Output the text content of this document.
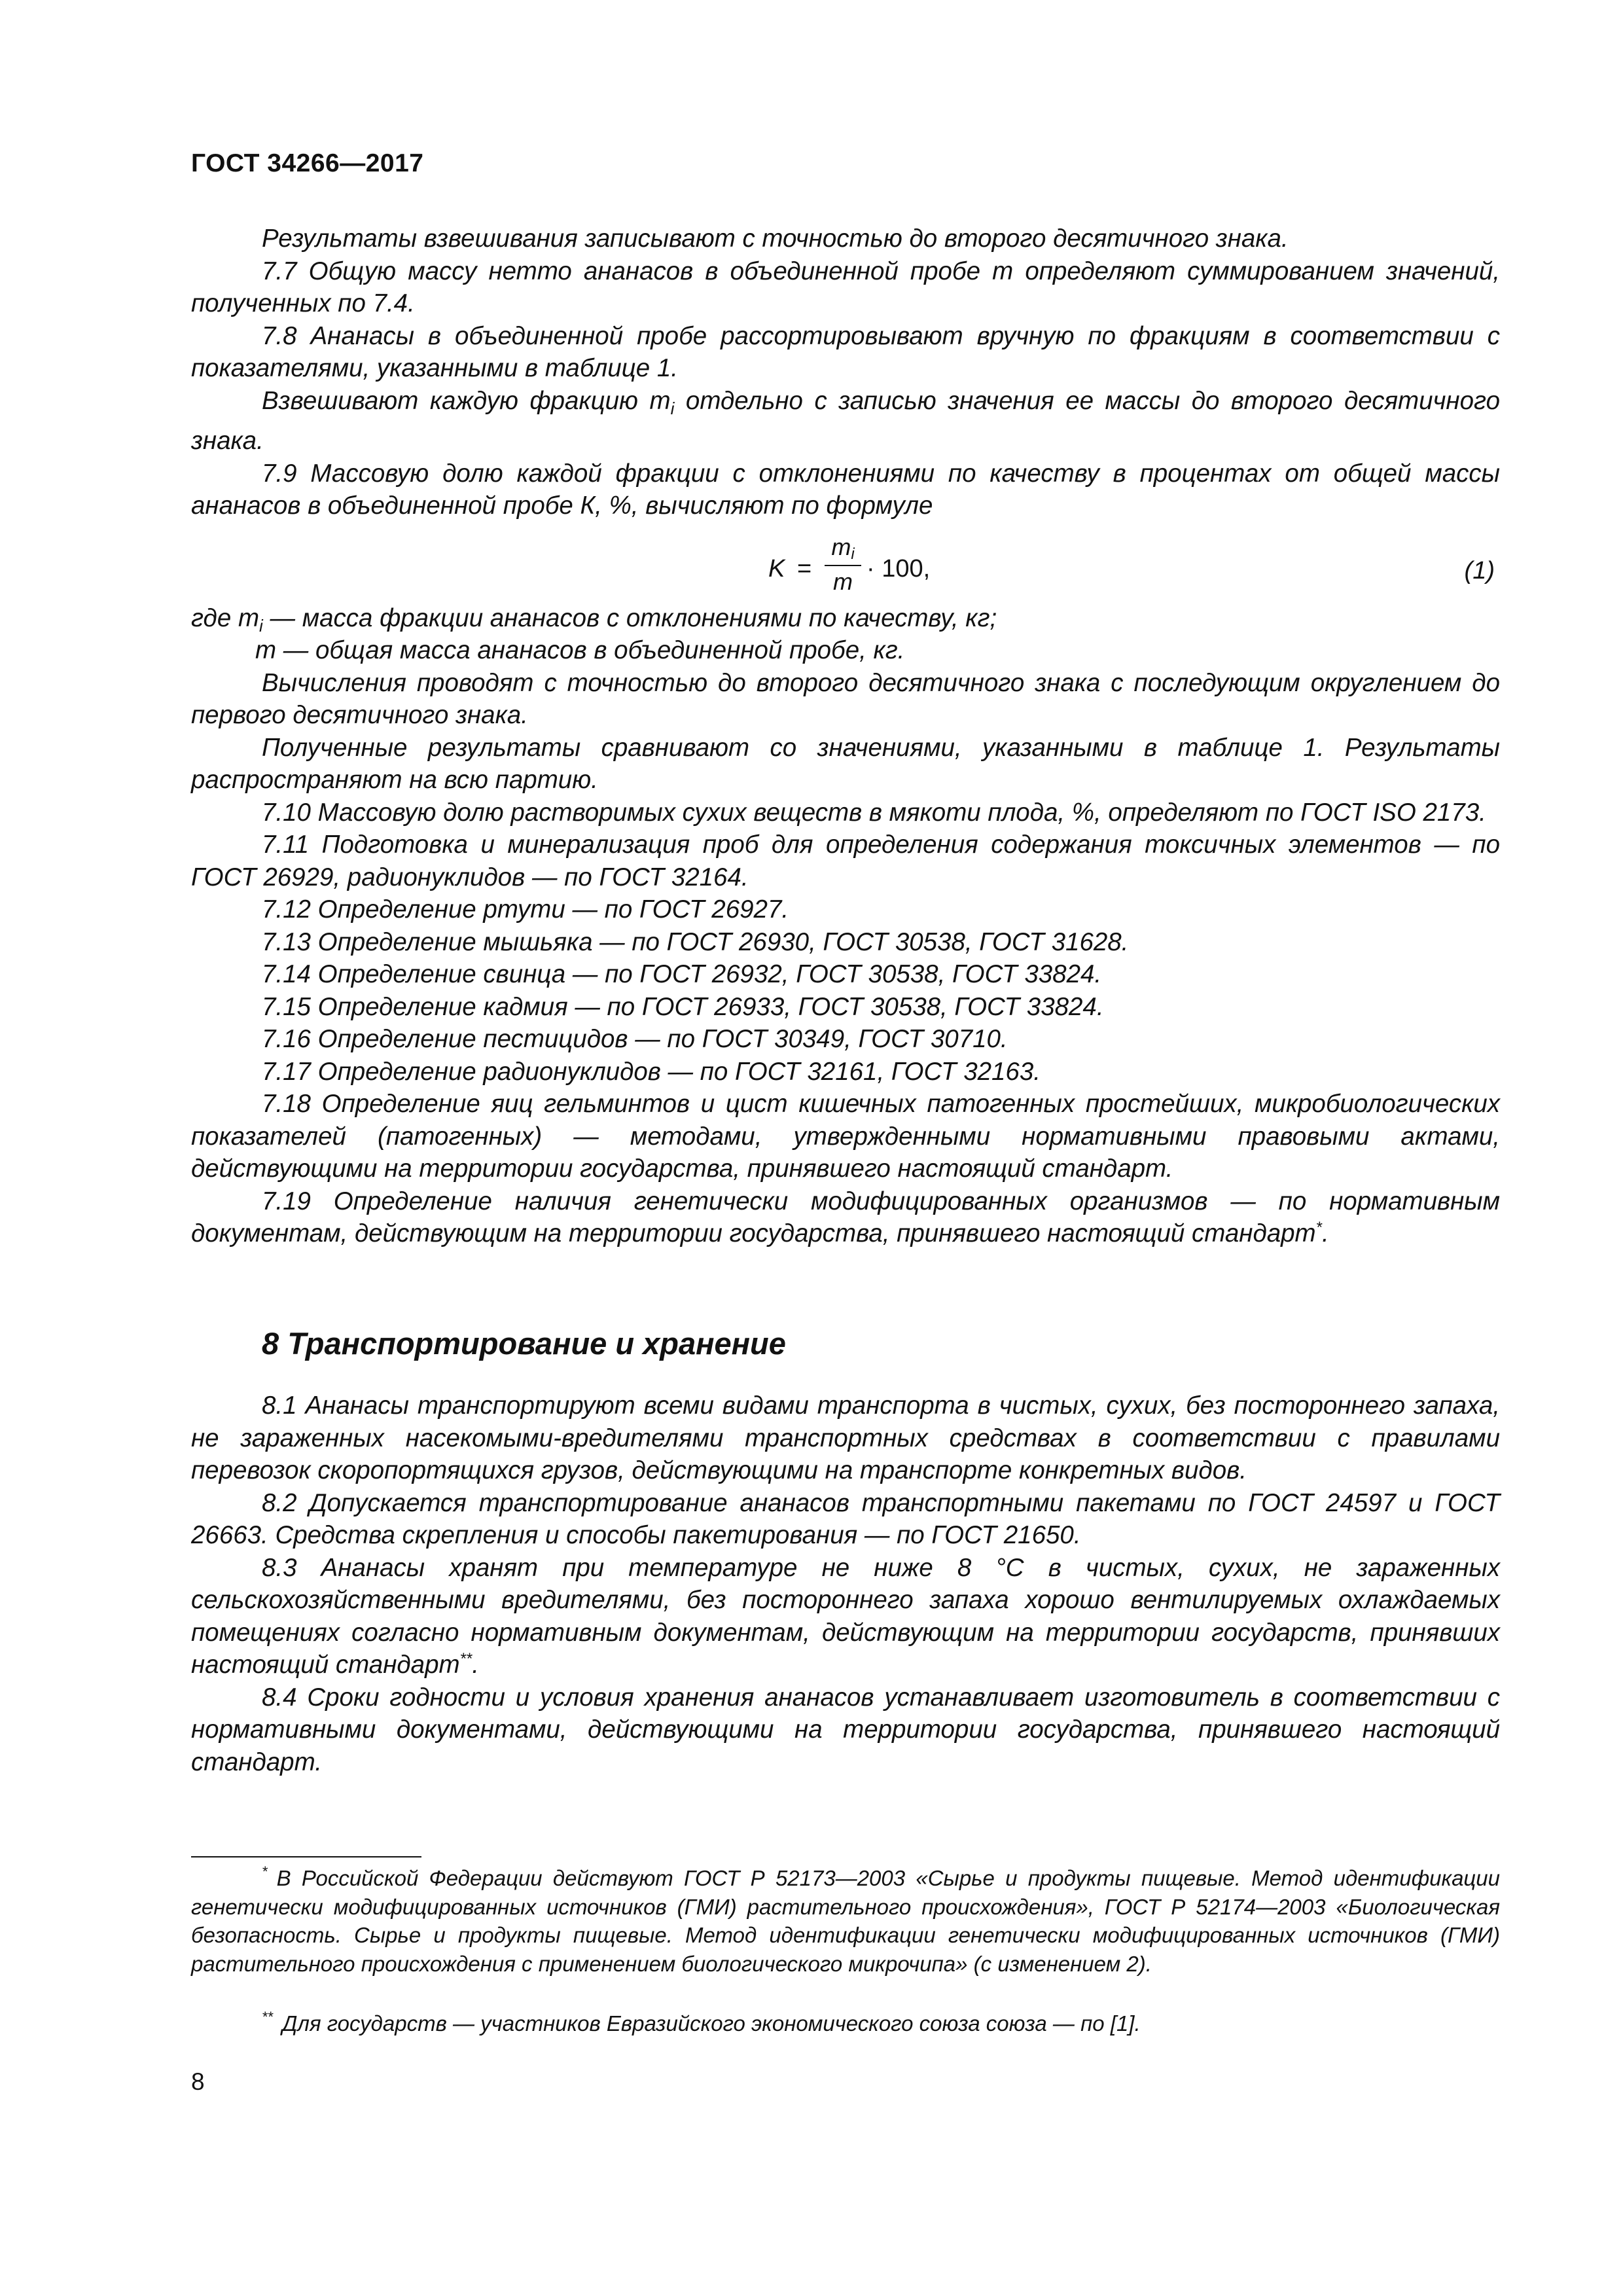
ГОСТ 34266—2017

Результаты взвешивания записывают с точностью до второго десятичного знака.

7.7 Общую массу нетто ананасов в объединенной пробе m определяют суммированием значений, полученных по 7.4.

7.8 Ананасы в объединенной пробе рассортировывают вручную по фракциям в соответствии с показателями, указанными в таблице 1.

Взвешивают каждую фракцию $m_i$ отдельно с записью значения ее массы до второго десятичного знака.

7.9 Массовую долю каждой фракции с отклонениями по качеству в процентах от общей массы ананасов в объединенной пробе К, %, вычисляют по формуле

K =
$m_i$
m · 100,	(1)
где $m_i$ — масса фракции ананасов с отклонениями по качеству, кг;
m — общая масса ананасов в объединенной пробе, кг.

Вычисления проводят с точностью до второго десятичного знака с последующим округлением до первого десятичного знака.

Полученные результаты сравнивают со значениями, указанными в таблице 1. Результаты распространяют на всю партию.

7.10 Массовую долю растворимых сухих веществ в мякоти плода, %, определяют по ГОСТ ISO 2173.

7.11 Подготовка и минерализация проб для определения содержания токсичных элементов — по ГОСТ 26929, радионуклидов — по ГОСТ 32164.

7.12 Определение ртути — по ГОСТ 26927.

7.13 Определение мышьяка — по ГОСТ 26930, ГОСТ 30538, ГОСТ 31628.

7.14 Определение свинца — по ГОСТ 26932, ГОСТ 30538, ГОСТ 33824.

7.15 Определение кадмия — по ГОСТ 26933, ГОСТ 30538, ГОСТ 33824.

7.16 Определение пестицидов — по ГОСТ 30349, ГОСТ 30710.

7.17 Определение радионуклидов — по ГОСТ 32161, ГОСТ 32163.

7.18 Определение яиц гельминтов и цист кишечных патогенных простейших, микробиологических показателей (патогенных) — методами, утвержденными нормативными правовыми актами, действующими на территории государства, принявшего настоящий стандарт.

7.19 Определение наличия генетически модифицированных организмов — по нормативным документам, действующим на территории государства, принявшего настоящий стандарт*.

8 Транспортирование и хранение

8.1 Ананасы транспортируют всеми видами транспорта в чистых, сухих, без постороннего запаха, не зараженных насекомыми-вредителями транспортных средствах в соответствии с правилами перевозок скоропортящихся грузов, действующими на транспорте конкретных видов.

8.2 Допускается транспортирование ананасов транспортными пакетами по ГОСТ 24597 и ГОСТ 26663. Средства скрепления и способы пакетирования — по ГОСТ 21650.

8.3 Ананасы хранят при температуре не ниже 8 °C в чистых, сухих, не зараженных сельскохозяйственными вредителями, без постороннего запаха хорошо вентилируемых охлаждаемых помещениях согласно нормативным документам, действующим на территории государств, принявших настоящий стандарт**.

8.4 Сроки годности и условия хранения ананасов устанавливает изготовитель в соответствии с нормативными документами, действующими на территории государства, принявшего настоящий стандарт.

* В Российской Федерации действуют ГОСТ Р 52173—2003 «Сырье и продукты пищевые. Метод идентификации генетически модифицированных источников (ГМИ) растительного происхождения», ГОСТ Р 52174—2003 «Биологическая безопасность. Сырье и продукты пищевые. Метод идентификации генетически модифицированных источников (ГМИ) растительного происхождения с применением биологического микрочипа» (с изменением 2).

** Для государств — участников Евразийского экономического союза союза — по [1].

8
